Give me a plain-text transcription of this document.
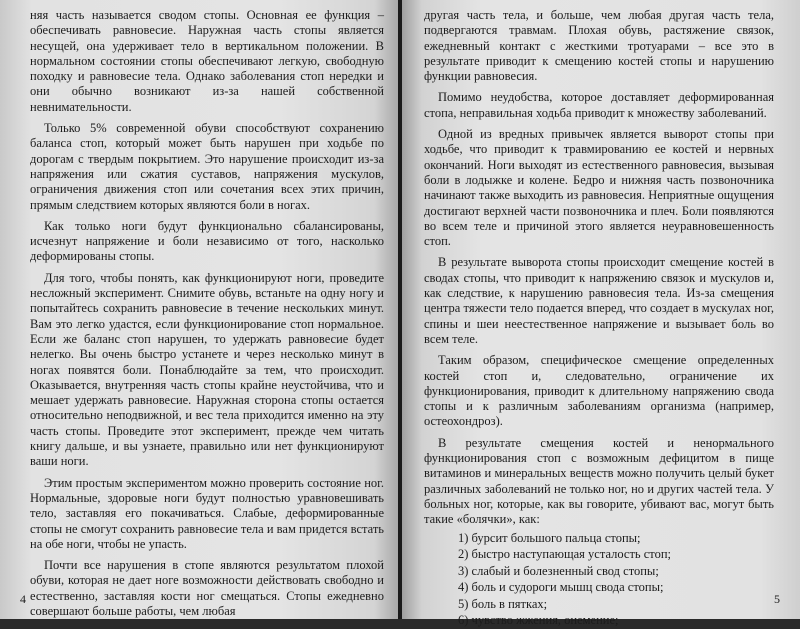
няя часть называется сводом стопы. Основная ее функция – обеспечивать равновесие. Наружная часть стопы является несущей, она удерживает тело в вертикальном положении. В нормальном состоянии стопы обеспечивают легкую, свободную походку и равновесие тела. Однако заболевания стоп нередки и они обычно возникают из-за нашей собственной невнимательности.

Только 5% современной обуви способствуют сохранению баланса стоп, который может быть нарушен при ходьбе по дорогам с твердым покрытием. Это нарушение происходит из-за напряжения или сжатия суставов, напряжения мускулов, ограничения движения стоп или сочетания всех этих причин, прямым следствием которых являются боли в ногах.

Как только ноги будут функционально сбалансированы, исчезнут напряжение и боли независимо от того, насколько деформированы стопы.

Для того, чтобы понять, как функционируют ноги, проведите несложный эксперимент. Снимите обувь, встаньте на одну ногу и попытайтесь сохранить равновесие в течение нескольких минут. Вам это легко удастся, если функционирование стоп нормальное. Если же баланс стоп нарушен, то удержать равновесие будет нелегко. Вы очень быстро устанете и через несколько минут в ногах появятся боли. Понаблюдайте за тем, что происходит. Оказывается, внутренняя часть стопы крайне неустойчива, что и мешает удержать равновесие. Наружная сторона стопы остается относительно неподвижной, и вес тела приходится именно на эту часть стопы. Проведите этот эксперимент, прежде чем читать книгу дальше, и вы узнаете, правильно или нет функционируют ваши ноги.

Этим простым экспериментом можно проверить состояние ног. Нормальные, здоровые ноги будут полностью уравновешивать тело, заставляя его покачиваться. Слабые, деформированные стопы не смогут сохранить равновесие тела и вам придется встать на обе ноги, чтобы не упасть.

Почти все нарушения в стопе являются результатом плохой обуви, которая не дает ноге возможности действовать свободно и естественно, заставляя кости ног смещаться. Стопы ежедневно совершают больше работы, чем любая

4

другая часть тела, и больше, чем любая другая часть тела, подвергаются травмам. Плохая обувь, растяжение связок, ежедневный контакт с жесткими тротуарами – все это в результате приводит к смещению костей стопы и нарушению функции равновесия.

Помимо неудобства, которое доставляет деформированная стопа, неправильная ходьба приводит к множеству заболеваний.

Одной из вредных привычек является выворот стопы при ходьбе, что приводит к травмированию ее костей и нервных окончаний. Ноги выходят из естественного равновесия, вызывая боли в лодыжке и колене. Бедро и нижняя часть позвоночника начинают также выходить из равновесия. Неприятные ощущения достигают верхней части позвоночника и плеч. Боли появляются во всем теле и причиной этого является неуравновешенность стоп.

В результате выворота стопы происходит смещение костей в сводах стопы, что приводит к напряжению связок и мускулов и, как следствие, к нарушению равновесия тела. Из-за смещения центра тяжести тело подается вперед, что создает в мускулах ног, спины и шеи неестественное напряжение и вызывает боль во всем теле.

Таким образом, специфическое смещение определенных костей стоп и, следовательно, ограничение их функционирования, приводит к длительному напряжению свода стопы и к различным заболеваниям организма (например, остеохондроз).

В результате смещения костей и ненормального функционирования стоп с возможным дефицитом в пище витаминов и минеральных веществ можно получить целый букет различных заболеваний не только ног, но и других частей тела. У больных ног, которые, как вы говорите, убивают вас, могут быть такие «болячки», как:

1) бурсит большого пальца стопы;
2) быстро наступающая усталость стоп;
3) слабый и болезненный свод стопы;
4) боль и судороги мышц свода стопы;
5) боль в пятках;
6) чувство жжения, онемение;
5
